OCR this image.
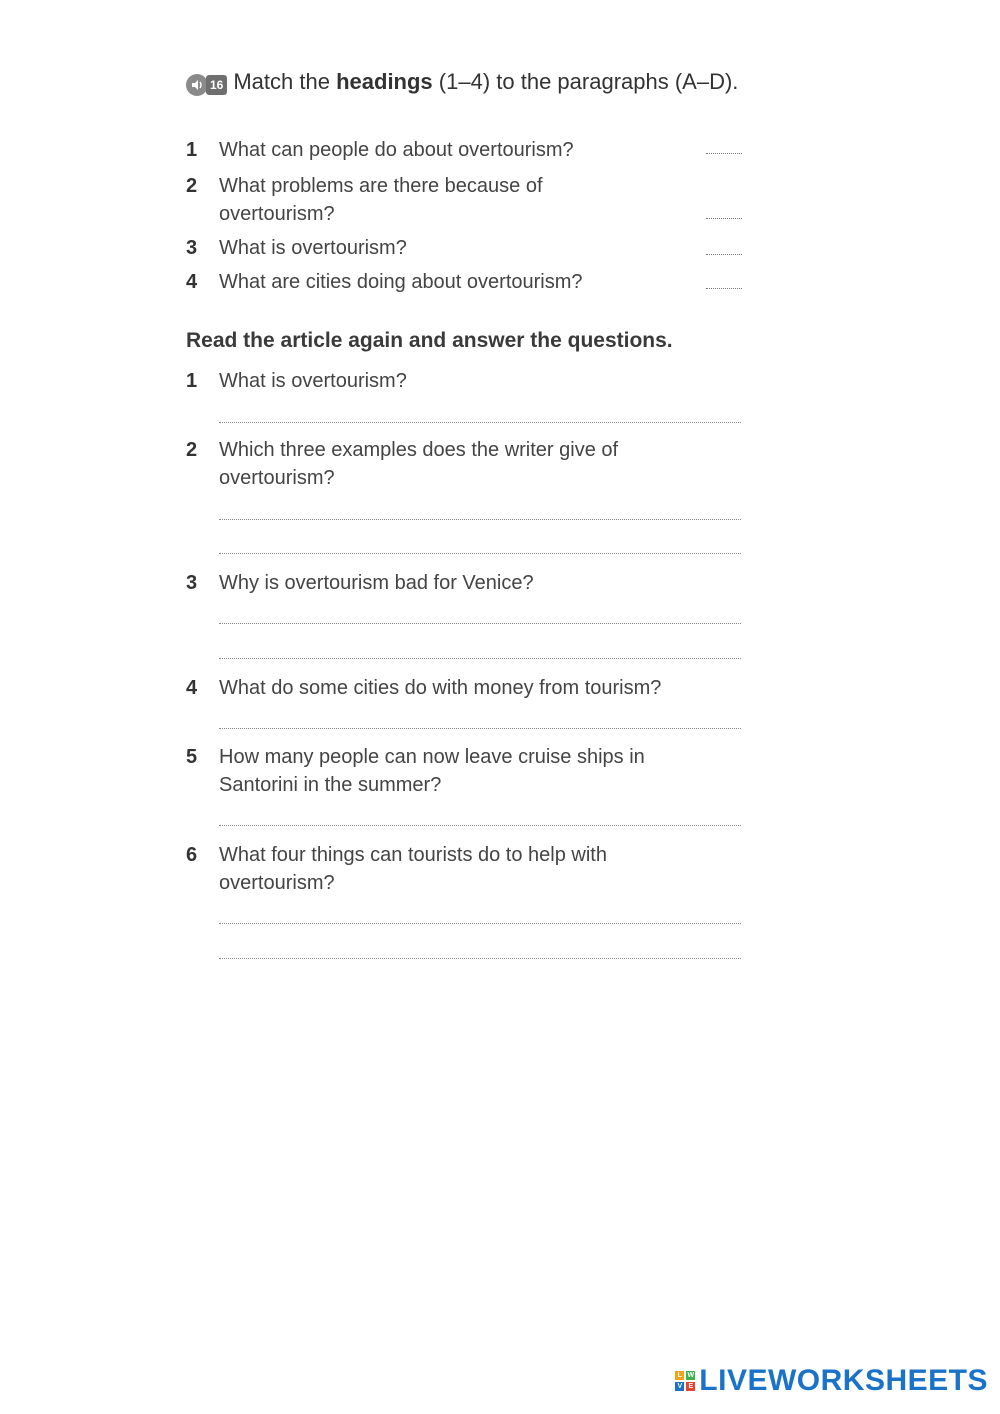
16 Match the headings (1–4) to the paragraphs (A–D).
1	What can people do about overtourism?
2	What problems are there because of overtourism?
3	What is overtourism?
4	What are cities doing about overtourism?
Read the article again and answer the questions.
1	What is overtourism?
2	Which three examples does the writer give of overtourism?
3	Why is overtourism bad for Venice?
4	What do some cities do with money from tourism?
5	How many people can now leave cruise ships in Santorini in the summer?
6	What four things can tourists do to help with overtourism?
L W
V E LIVEWORKSHEETS
